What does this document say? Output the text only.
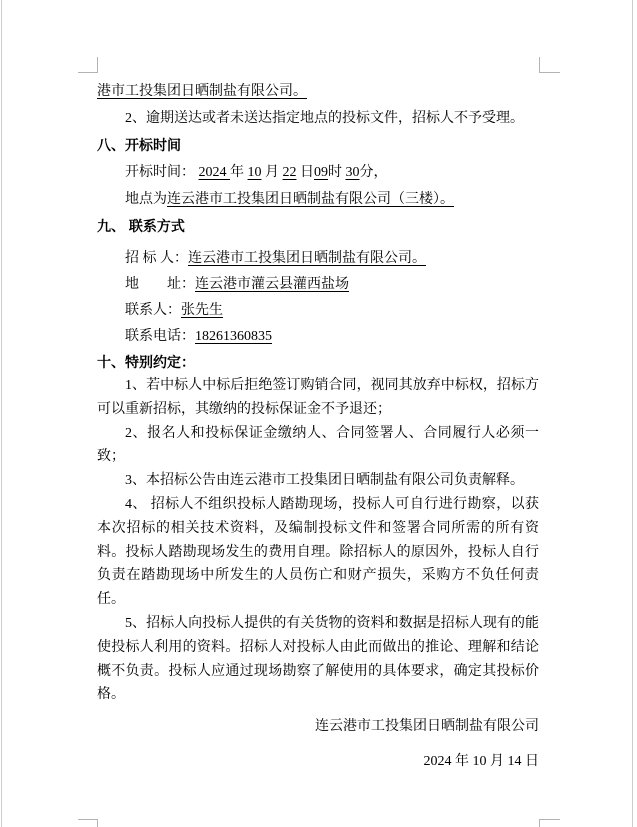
港市工投集团日晒制盐有限公司。

2、逾期送达或者未送达指定地点的投标文件，招标人不予受理。

八、开标时间

开标时间： 2024 年 10 月 22 日09时 30分，

地点为连云港市工投集团日晒制盐有限公司（三楼）。

九、 联系方式

招 标 人：连云港市工投集团日晒制盐有限公司。

地　　址：连云港市灌云县灌西盐场

联系人：张先生

联系电话：18261360835

十、特别约定：

1、若中标人中标后拒绝签订购销合同，视同其放弃中标权，招标方可以重新招标，其缴纳的投标保证金不予退还；

2、报名人和投标保证金缴纳人、合同签署人、合同履行人必须一致；

3、本招标公告由连云港市工投集团日晒制盐有限公司负责解释。

4、 招标人不组织投标人踏勘现场，投标人可自行进行勘察，以获本次招标的相关技术资料，及编制投标文件和签署合同所需的所有资料。投标人踏勘现场发生的费用自理。除招标人的原因外，投标人自行负责在踏勘现场中所发生的人员伤亡和财产损失，采购方不负任何责任。

5、招标人向投标人提供的有关货物的资料和数据是招标人现有的能使投标人利用的资料。招标人对投标人由此而做出的推论、理解和结论概不负责。投标人应通过现场勘察了解使用的具体要求，确定其投标价格。

连云港市工投集团日晒制盐有限公司
2024 年 10 月 14 日
